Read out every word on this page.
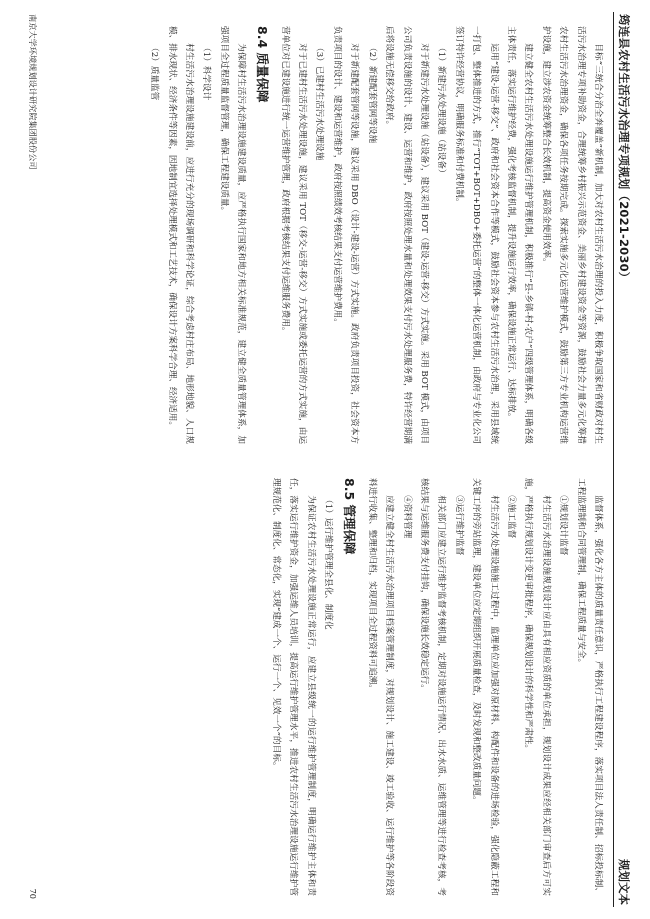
筠连县农村生活污水治理专项规划（2021-2030）
规划文本

目标“三统合分治全奔覆盖”新机制，加大对农村生活污水治理的投入力度，积极争取国家和省财政对村生活污水治理专项补助资金，合理统筹乡村振兴示范资金、美丽乡村建设资金等资源，鼓励社会力量多元化筹措农村生活污水治理资金，确保各项任务按期完成。探索实施多元化运营维护模式，鼓励第三方专业机构运营维护设施，建立涉农资金统筹整合长效机制，提高资金使用效率。

建立健全农村生活污水处理设施运行维护管理机制，积极推行“县-乡镇-村-农户”四级管理体系，明确各级主体责任，落实运行维护经费，强化考核监督机制，提升设施运行效率，确保设施正常运行、达标排放。

运用“建设-运营-移交”、政府和社会资本合作等模式，鼓励社会资本参与农村生活污水治理，采用县域统一打包、整体推进的方式，推行“TOT+BOT+DBO+委托运营”的整体一体化运营机制，由政府与专业化公司签订特许经营协议，明确服务标准和付费机制。

（1）新建污水处理设施（站设备）

对于新建污水处理设施（站设备），建议采用 BOT（建设-运营-移交）方式实施。采用 BOT 模式，由项目公司负责设施的设计、建设、运营和维护，政府按照处理水量和处理效果支付污水处理服务费，特许经营期满后将设施无偿移交给政府。

（2）新建配套管网等设施

对于新建配套管网等设施，建议采用 DBO（设计-建设-运营）方式实施。政府负责项目投资，社会资本方负责项目的设计、建设和运营维护，政府按照绩效考核结果支付运营维护费用。

（3）已建村生活污水处理设施

对于已建村生活污水处理设施，建议采用 TOT（移交-运营-移交）方式实施或委托运营的方式实施，由运营单位对已建设施进行统一运营维护管理，政府根据考核结果支付运维服务费用。

8.4 质量保障

为保障村生活污水治理设施建设质量，应严格执行国家和地方相关标准规范，建立健全质量管理体系，加强项目全过程质量监督管理，确保工程建设质量。

（1）科学设计

村生活污水治理设施建设前，应进行充分的现场调研和科学论证，综合考虑村庄布局、地形地貌、人口规模、排水现状、经济条件等因素，因地制宜选择处理模式和工艺技术，确保设计方案科学合理、经济适用。

（2）质量监管

监督体系，强化各方主体的质量责任意识，严格执行工程建设程序，落实项目法人责任制、招标投标制、工程监理制和合同管理制，确保工程质量与安全。

①规划设计监督

村生活污水治理设施规划设计应由具有相应资质的单位承担，规划设计成果应经相关部门审查后方可实施，严格执行规划设计变更审批程序，确保规划设计的科学性和严肃性。

②施工监督

村生活污水处理设施施工过程中，监理单位应加强对原材料、构配件和设备的进场检验，强化隐蔽工程和关键工序的旁站监理，建设单位应定期组织开展质量检查，及时发现和整改质量问题。

③运行维护监督

相关部门应建立运行维护监督考核机制，定期对设施运行情况、出水水质、运维管理等进行检查考核，考核结果与运维服务费支付挂钩，确保设施长效稳定运行。

④资料管理

应建立健全村生活污水治理项目档案管理制度，对规划设计、施工建设、竣工验收、运行维护等各阶段资料进行收集、整理和归档，实现项目全过程资料可追溯。

8.5 管理保障
（1）运行维护管理全县化、制度化

为保证农村生活污水处理设施正常运行，应建立县级统一的运行维护管理制度，明确运行维护主体和责任，落实运行维护资金，加强运维人员培训，提高运行维护管理水平，推进农村生活污水治理设施运行维护管理规范化、制度化、常态化，实现“建成一个、运行一个、见效一个”的目标。

南京大学环境规划设计研究院集团股份公司
70
